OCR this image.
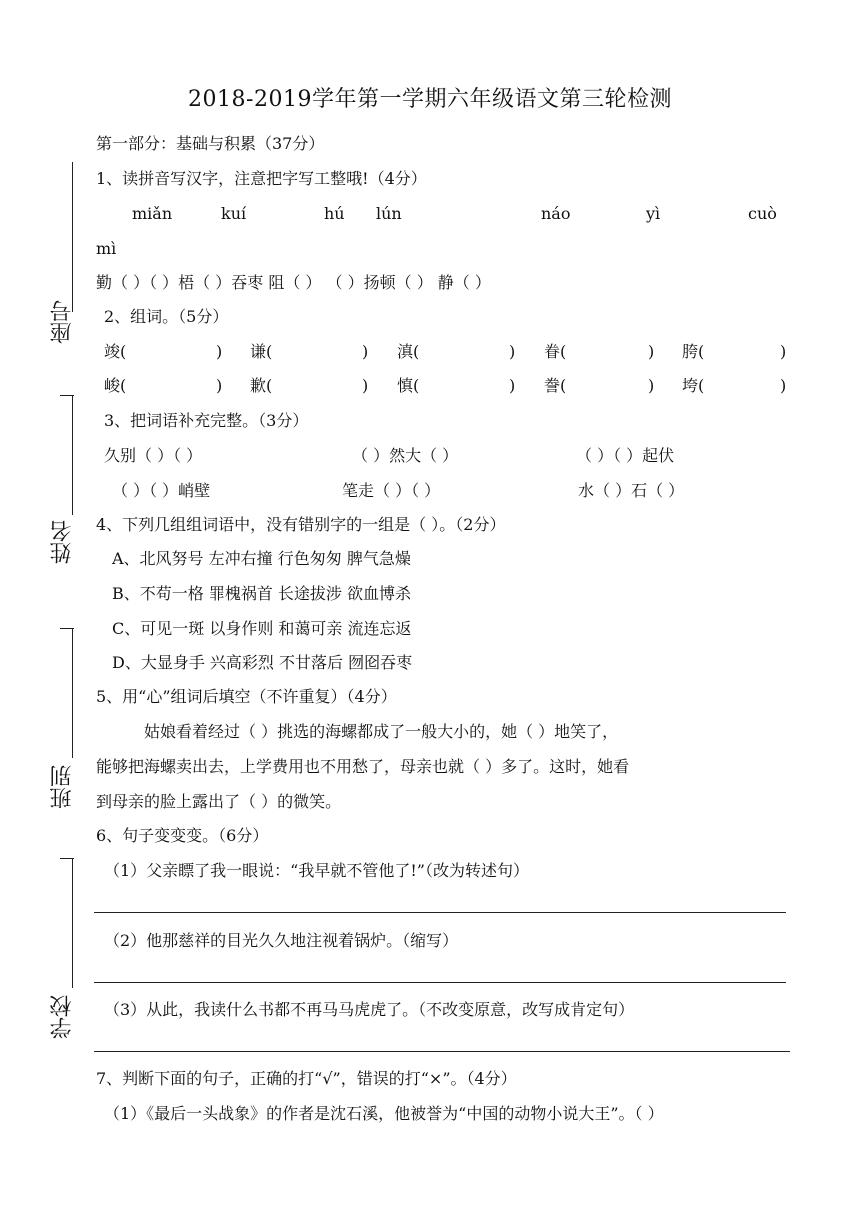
2018-2019学年第一学期六年级语文第三轮检测
座号
姓名
班别
学校
第一部分：基础与积累（37分）
1、读拼音写汉字，注意把字写工整哦!（4分）
miǎn	kuí	hú lún	náo	yì	cuò
mì
勤（ ）（ ）梧（ ）吞枣 阻（ ） （ ）扬顿（ ） 静（ ）
2、组词。（5分）
竣(	) 谦(	) 滇(	) 眷(	) 胯(	)
峻(	) 歉(	) 慎(	) 誊(	) 垮(	)
3、把词语补充完整。（3分）
久别（ ）（ ）	（ ）然大（ ）	（ ）（ ）起伏
（ ）（ ）峭壁	笔走（ ）（ ）	水（ ）石（ ）
4、下列几组组词语中，没有错别字的一组是（ ）。（2分）
A、北风努号 左冲右撞 行色匆匆 脾气急燥
B、不苟一格 罪槐祸首 长途拔涉 欲血博杀
C、可见一斑 以身作则 和蔼可亲 流连忘返
D、大显身手 兴高彩烈 不甘落后 囫囵吞枣
5、用“心”组词后填空（不许重复）（4分）
姑娘看着经过（ ）挑选的海螺都成了一般大小的，她（ ）地笑了，
能够把海螺卖出去，上学费用也不用愁了，母亲也就（ ）多了。这时，她看
到母亲的脸上露出了（ ）的微笑。
6、句子变变变。（6分）
（1）父亲瞟了我一眼说：“我早就不管他了!”（改为转述句）
（2）他那慈祥的目光久久地注视着锅炉。（缩写）
（3）从此，我读什么书都不再马马虎虎了。（不改变原意，改写成肯定句）
7、判断下面的句子，正确的打“√”，错误的打“×”。（4分）
（1）《最后一头战象》的作者是沈石溪，他被誉为“中国的动物小说大王”。（ ）
